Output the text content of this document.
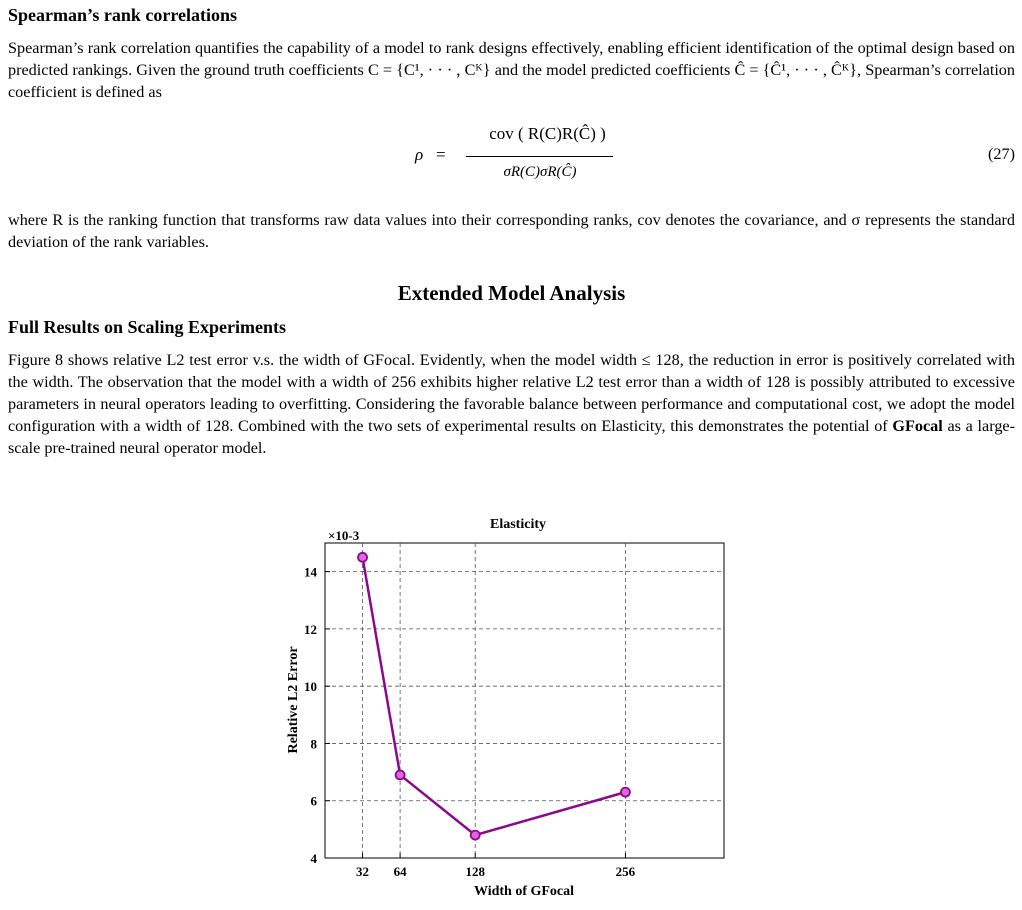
Spearman’s rank correlations
Spearman’s rank correlation quantifies the capability of a model to rank designs effectively, enabling efficient identification of the optimal design based on predicted rankings. Given the ground truth coefficients C = {C¹, · · · , Cᴷ} and the model predicted coefficients Ĉ = {Ĉ¹, · · · , Ĉᴷ}, Spearman’s correlation coefficient is defined as
ρ =
cov ( R(C)R(Ĉ) )
σR(C)σR(Ĉ)
(27)
where R is the ranking function that transforms raw data values into their corresponding ranks, cov denotes the covariance, and σ represents the standard deviation of the rank variables.
Extended Model Analysis
Full Results on Scaling Experiments
Figure 8 shows relative L2 test error v.s. the width of GFocal. Evidently, when the model width ≤ 128, the reduction in error is positively correlated with the width. The observation that the model with a width of 256 exhibits higher relative L2 test error than a width of 128 is possibly attributed to excessive parameters in neural operators leading to overfitting. Considering the favorable balance between performance and computational cost, we adopt the model configuration with a width of 128. Combined with the two sets of experimental results on Elasticity, this demonstrates the potential of GFocal as a large-scale pre-trained neural operator model.
32 64	128	256
4
6
8
10
12
14
Elasticity
×10-3
Width of GFocal
Relative L2 Error
